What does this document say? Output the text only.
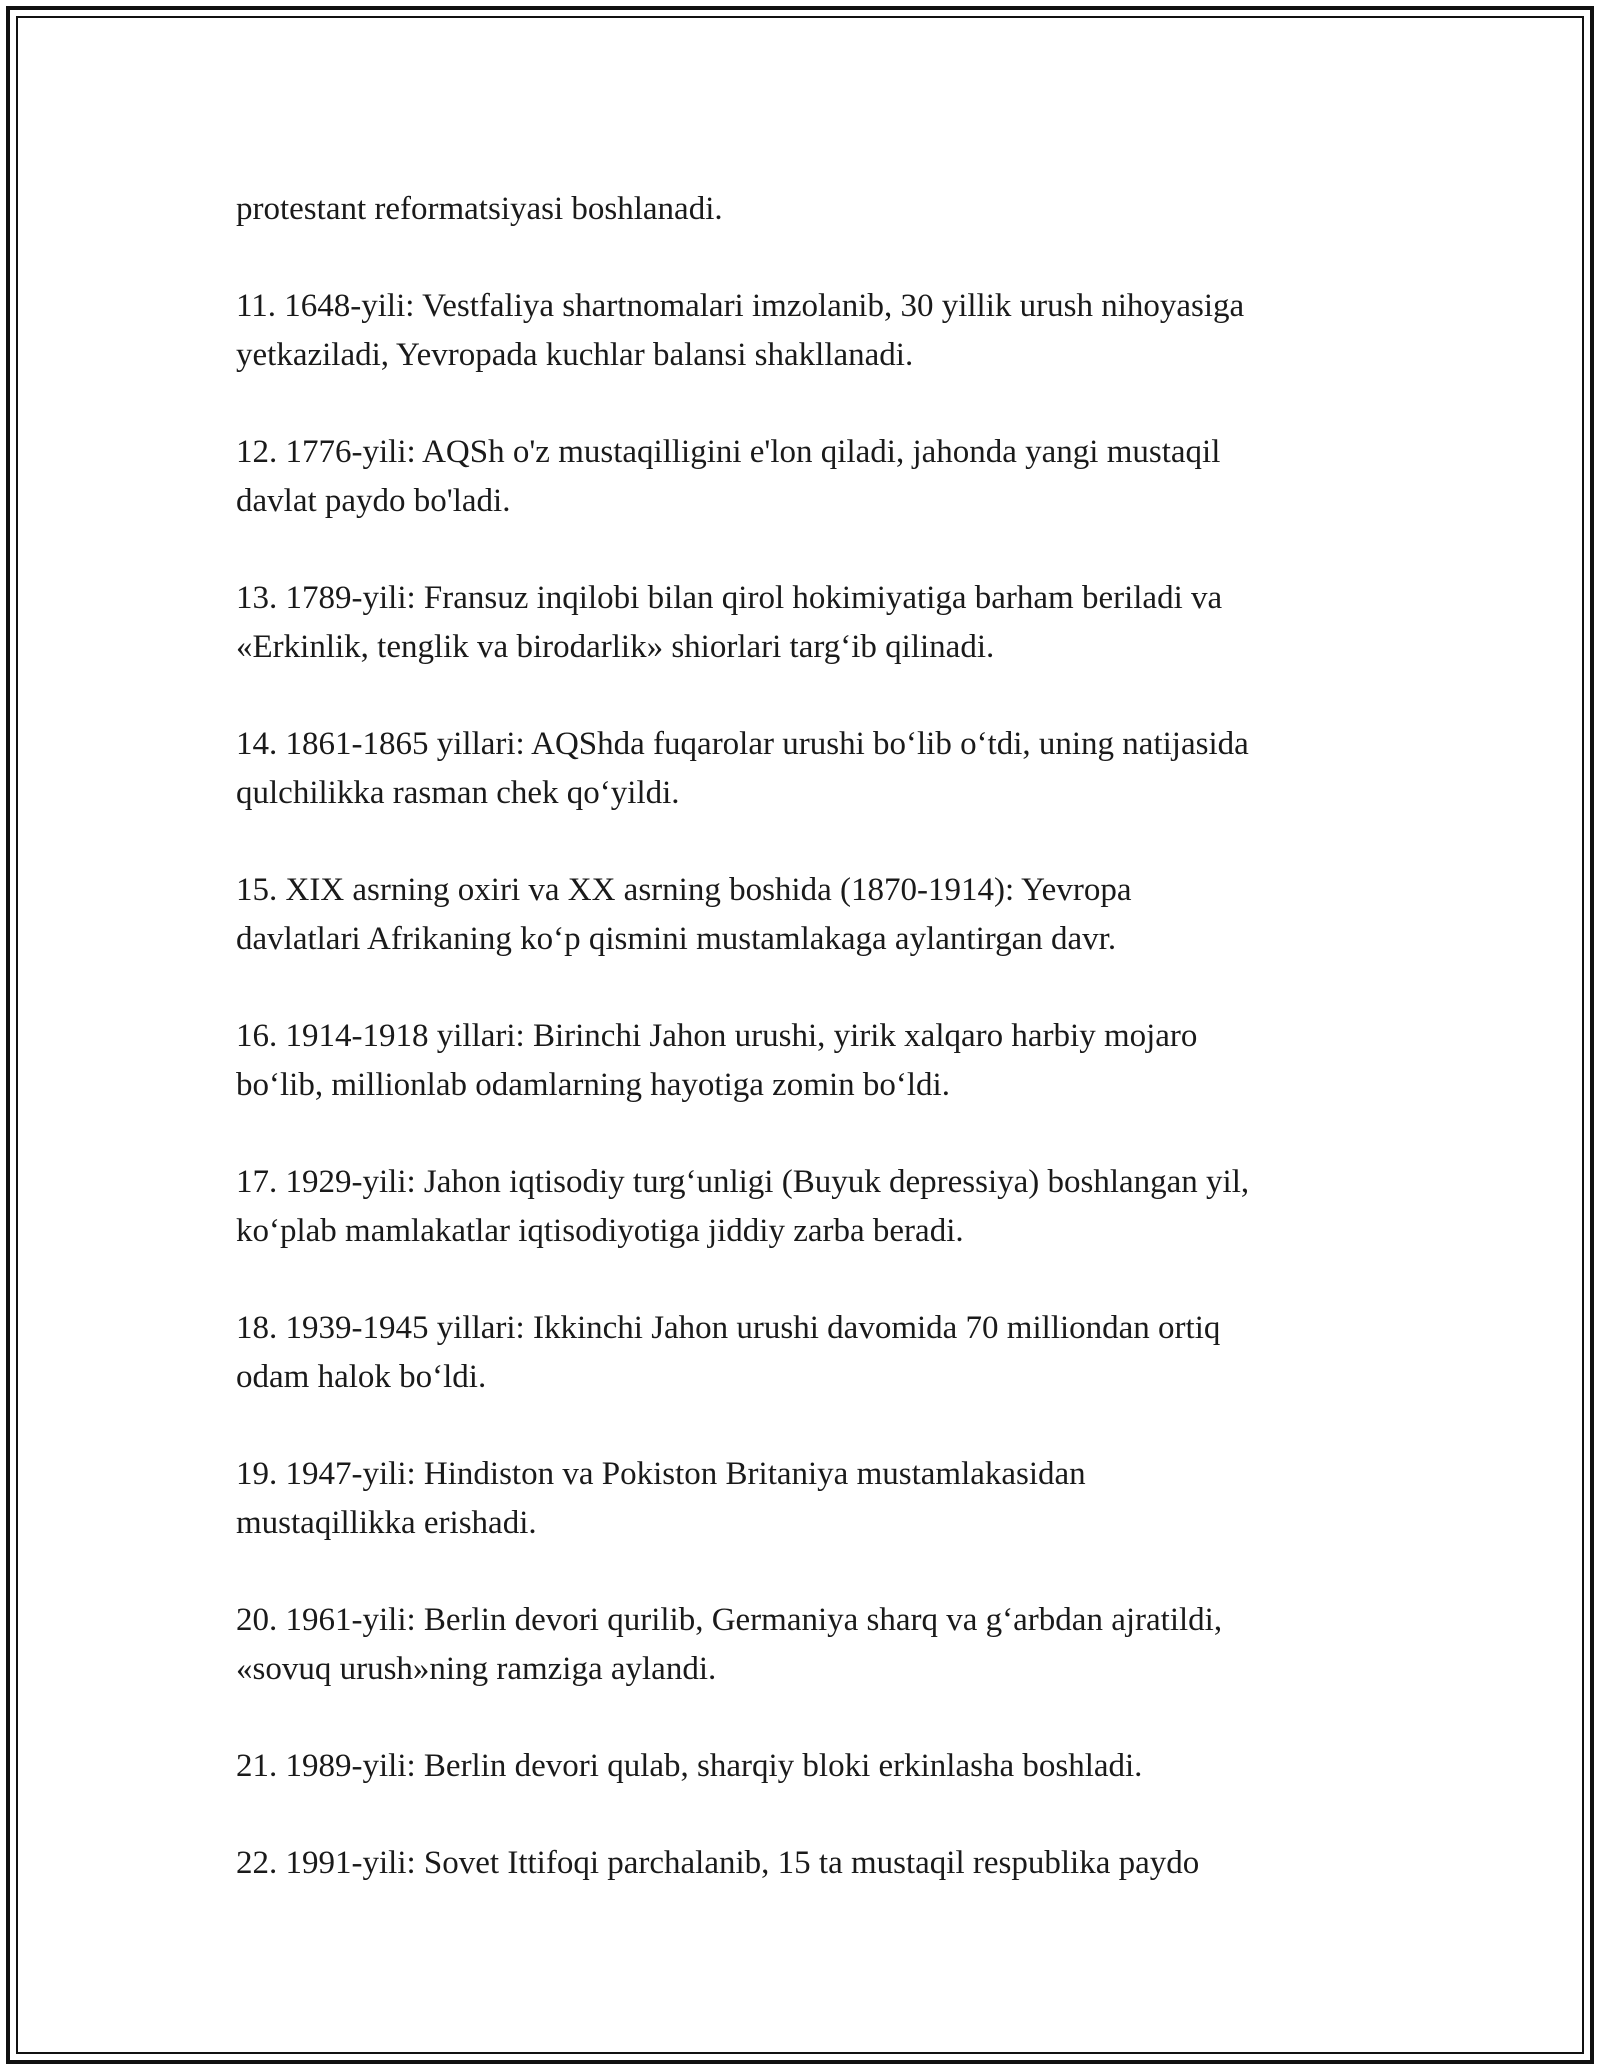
protestant reformatsiyasi boshlanadi.

11. 1648-yili: Vestfaliya shartnomalari imzolanib, 30 yillik urush nihoyasiga
yetkaziladi, Yevropada kuchlar balansi shakllanadi.

12. 1776-yili: AQSh o'z mustaqilligini e'lon qiladi, jahonda yangi mustaqil
davlat paydo bo'ladi.

13. 1789-yili: Fransuz inqilobi bilan qirol hokimiyatiga barham beriladi va
«Erkinlik, tenglik va birodarlik» shiorlari targ‘ib qilinadi.

14. 1861-1865 yillari: AQShda fuqarolar urushi bo‘lib o‘tdi, uning natijasida
qulchilikka rasman chek qo‘yildi.

15. XIX asrning oxiri va XX asrning boshida (1870-1914): Yevropa
davlatlari Afrikaning ko‘p qismini mustamlakaga aylantirgan davr.

16. 1914-1918 yillari: Birinchi Jahon urushi, yirik xalqaro harbiy mojaro
bo‘lib, millionlab odamlarning hayotiga zomin bo‘ldi.

17. 1929-yili: Jahon iqtisodiy turg‘unligi (Buyuk depressiya) boshlangan yil,
ko‘plab mamlakatlar iqtisodiyotiga jiddiy zarba beradi.

18. 1939-1945 yillari: Ikkinchi Jahon urushi davomida 70 milliondan ortiq
odam halok bo‘ldi.

19. 1947-yili: Hindiston va Pokiston Britaniya mustamlakasidan
mustaqillikka erishadi.

20. 1961-yili: Berlin devori qurilib, Germaniya sharq va g‘arbdan ajratildi,
«sovuq urush»ning ramziga aylandi.

21. 1989-yili: Berlin devori qulab, sharqiy bloki erkinlasha boshladi.

22. 1991-yili: Sovet Ittifoqi parchalanib, 15 ta mustaqil respublika paydo
